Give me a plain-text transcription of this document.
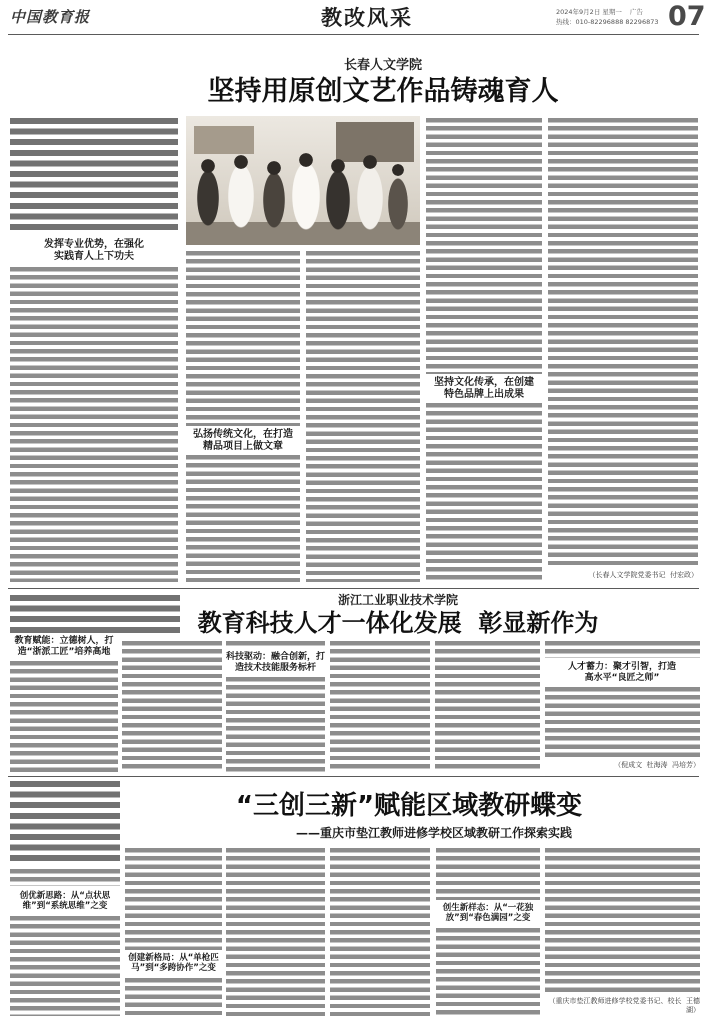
中国教育报	教改风采	2024年9月2日 星期一 广告
热线：010-82296888 82296873 07
长春人文学院
坚持用原创文艺作品铸魂育人
发挥专业优势，在强化实践育人上下功夫
弘扬传统文化，在打造精品项目上做文章
坚持文化传承，在创建特色品牌上出成果
（长春人文学院党委书记  付宏政）
浙江工业职业技术学院
教育科技人才一体化发展  彰显新作为
教育赋能：立德树人，打造“浙派工匠”培养高地
科技驱动：融合创新，打造技术技能服务标杆	人才蓄力：聚才引智，打造高水平“良匠之师”
（倪成文  杜海涛  冯培芳）
“三创三新”赋能区域教研蝶变
——重庆市垫江教师进修学校区域教研工作探索实践
创优新思路：从“点状思维”到“系统思维”之变
创建新格局：从“单枪匹马”到“多跨协作”之变
创生新样态：从“一花独放”到“春色满园”之变
（重庆市垫江教师进修学校党委书记、校长  王德湖）
